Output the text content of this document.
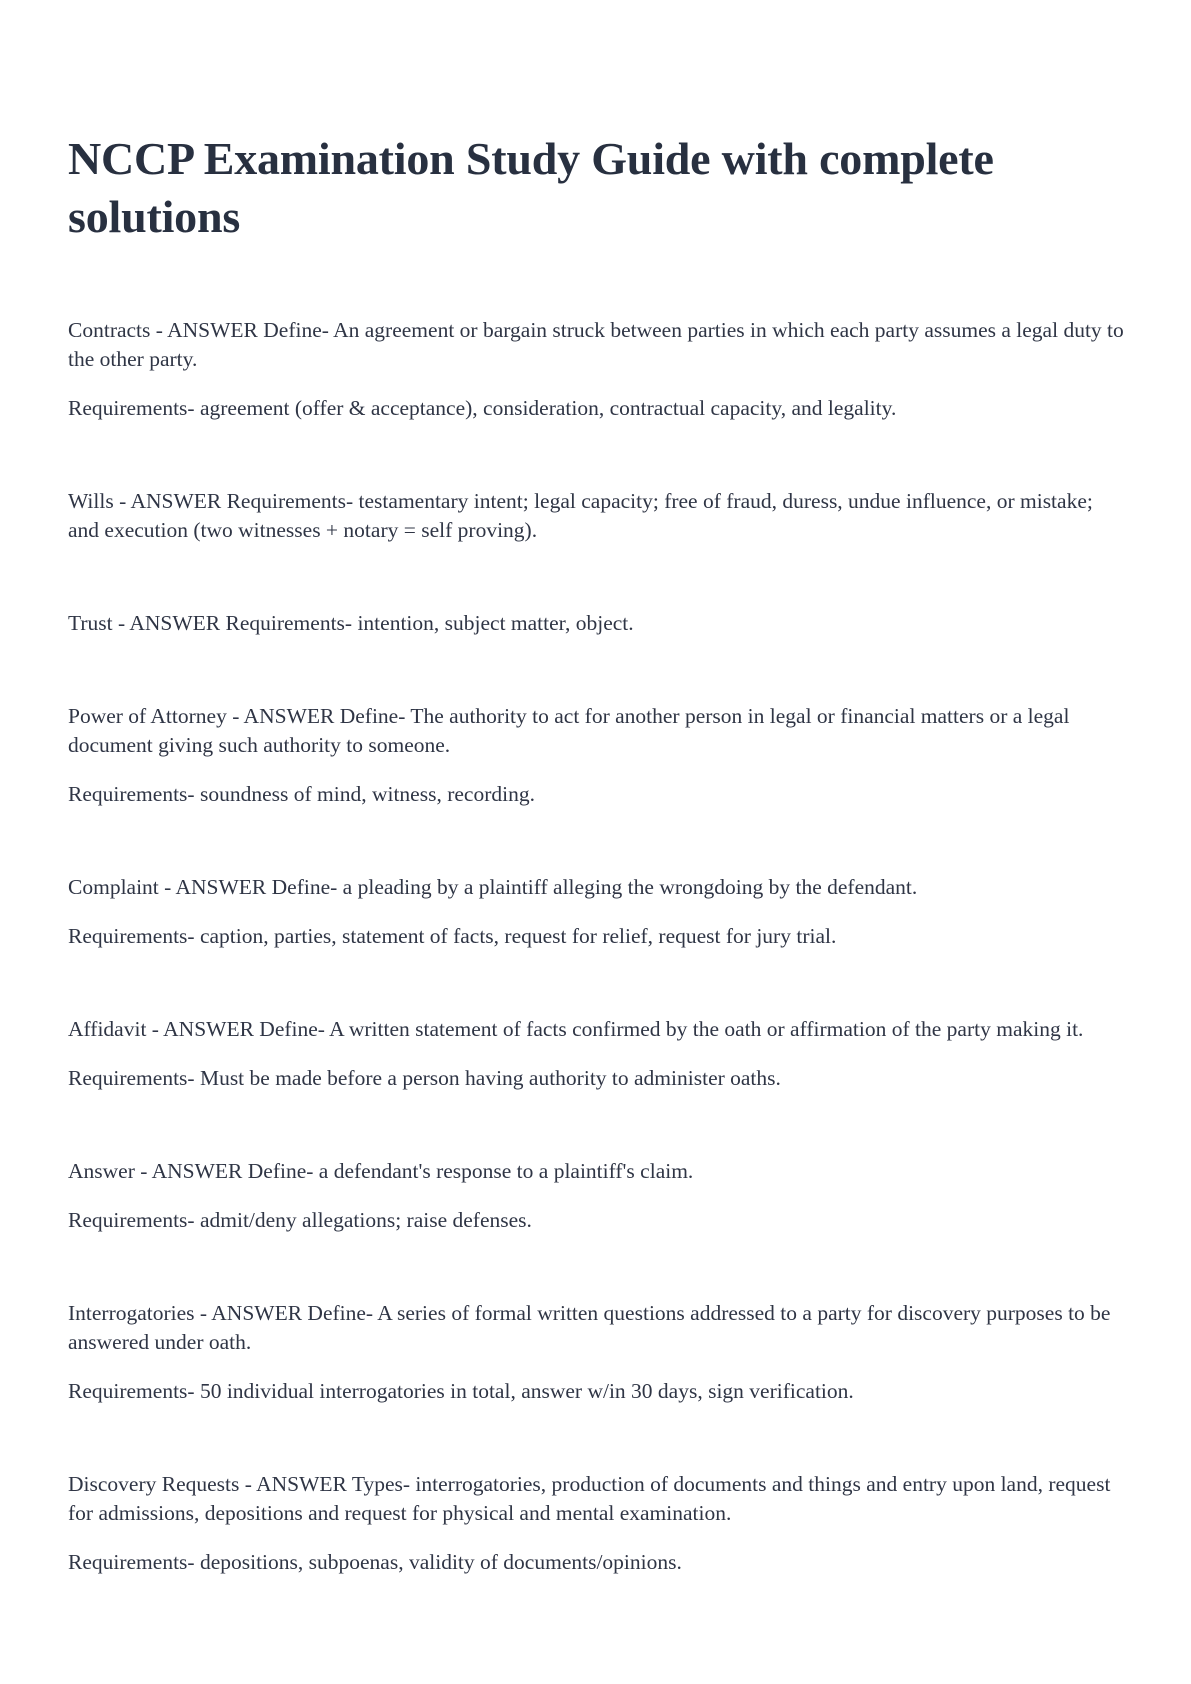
NCCP Examination Study Guide with complete solutions

Contracts - ANSWER Define- An agreement or bargain struck between parties in which each party assumes a legal duty to the other party.

Requirements- agreement (offer & acceptance), consideration, contractual capacity, and legality.

Wills - ANSWER Requirements- testamentary intent; legal capacity; free of fraud, duress, undue influence, or mistake; and execution (two witnesses + notary = self proving).

Trust - ANSWER Requirements- intention, subject matter, object.

Power of Attorney - ANSWER Define- The authority to act for another person in legal or financial matters or a legal document giving such authority to someone.

Requirements- soundness of mind, witness, recording.

Complaint - ANSWER Define- a pleading by a plaintiff alleging the wrongdoing by the defendant.

Requirements- caption, parties, statement of facts, request for relief, request for jury trial.

Affidavit - ANSWER Define- A written statement of facts confirmed by the oath or affirmation of the party making it.

Requirements- Must be made before a person having authority to administer oaths.

Answer - ANSWER Define- a defendant's response to a plaintiff's claim.

Requirements- admit/deny allegations; raise defenses.

Interrogatories - ANSWER Define- A series of formal written questions addressed to a party for discovery purposes to be answered under oath.

Requirements- 50 individual interrogatories in total, answer w/in 30 days, sign verification.

Discovery Requests - ANSWER Types- interrogatories, production of documents and things and entry upon land, request for admissions, depositions and request for physical and mental examination.

Requirements- depositions, subpoenas, validity of documents/opinions.
